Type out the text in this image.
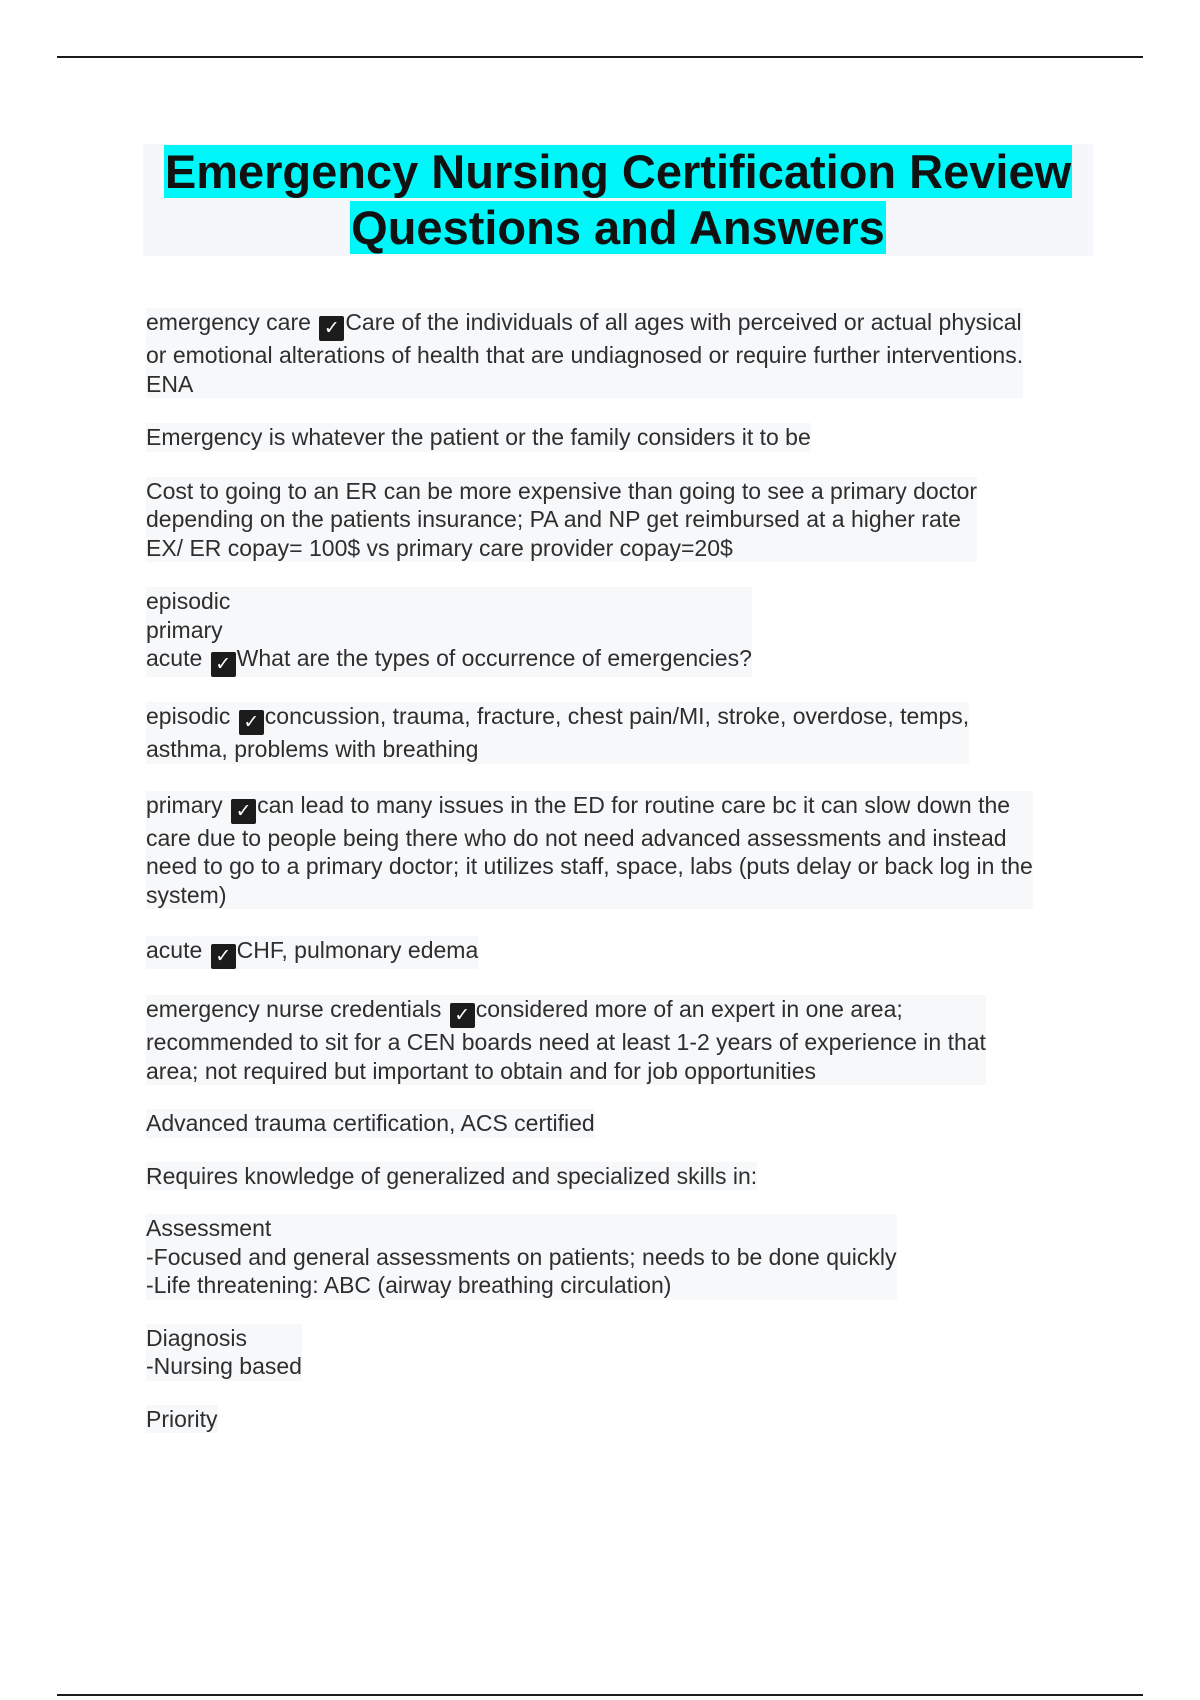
Emergency Nursing Certification Review
Questions and Answers
emergency care ✓ Care of the individuals of all ages with perceived or actual physical
or emotional alterations of health that are undiagnosed or require further interventions.
ENA
Emergency is whatever the patient or the family considers it to be
Cost to going to an ER can be more expensive than going to see a primary doctor
depending on the patients insurance; PA and NP get reimbursed at a higher rate
EX/ ER copay= 100$ vs primary care provider copay=20$
episodic
primary
acute ✓ What are the types of occurrence of emergencies?
episodic ✓ concussion, trauma, fracture, chest pain/MI, stroke, overdose, temps,
asthma, problems with breathing
primary ✓ can lead to many issues in the ED for routine care bc it can slow down the
care due to people being there who do not need advanced assessments and instead
need to go to a primary doctor; it utilizes staff, space, labs (puts delay or back log in the
system)
acute ✓ CHF, pulmonary edema
emergency nurse credentials ✓ considered more of an expert in one area;
recommended to sit for a CEN boards need at least 1-2 years of experience in that
area; not required but important to obtain and for job opportunities
Advanced trauma certification, ACS certified
Requires knowledge of generalized and specialized skills in:
Assessment
-Focused and general assessments on patients; needs to be done quickly
-Life threatening: ABC (airway breathing circulation)
Diagnosis
-Nursing based
Priority
